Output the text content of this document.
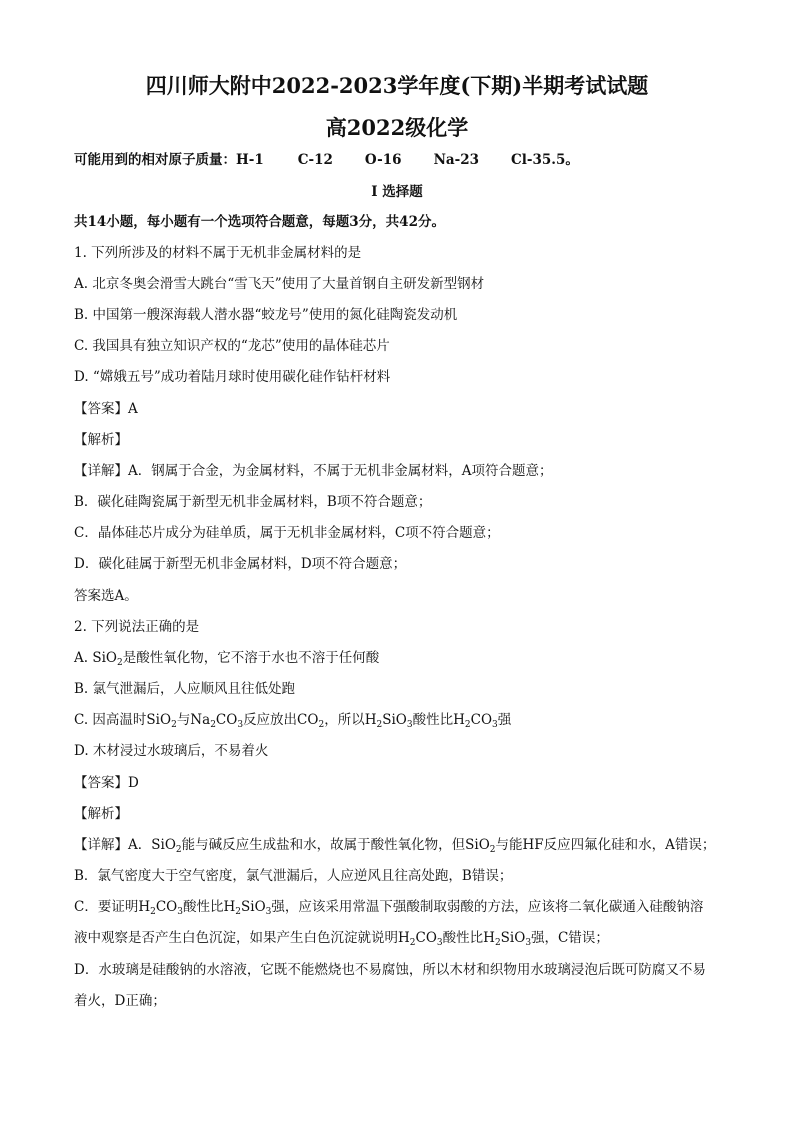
四川师大附中2022-2023学年度(下期)半期考试试题
高2022级化学
可能用到的相对原子质量：H-1	C-12 O-16 Na-23 Cl-35.5。
I 选择题
共14小题，每小题有一个选项符合题意，每题3分，共42分。
1. 下列所涉及的材料不属于无机非金属材料的是
A. 北京冬奥会滑雪大跳台“雪飞天”使用了大量首钢自主研发新型钢材
B. 中国第一艘深海载人潜水器“蛟龙号”使用的氮化硅陶瓷发动机
C. 我国具有独立知识产权的“龙芯”使用的晶体硅芯片
D. “嫦娥五号”成功着陆月球时使用碳化硅作钻杆材料
【答案】A
【解析】
【详解】A．钢属于合金，为金属材料，不属于无机非金属材料，A项符合题意；
B．碳化硅陶瓷属于新型无机非金属材料，B项不符合题意；
C．晶体硅芯片成分为硅单质，属于无机非金属材料，C项不符合题意；
D．碳化硅属于新型无机非金属材料，D项不符合题意；
答案选A。
2. 下列说法正确的是
A. SiO$_2$是酸性氧化物，它不溶于水也不溶于任何酸
B. 氯气泄漏后，人应顺风且往低处跑
C. 因高温时SiO$_2$与$Na_2CO_3$反应放出$CO_2$，所以$H_2SiO_3$酸性比$H_2CO_3$强
D. 木材浸过水玻璃后，不易着火
【答案】D
【解析】
【详解】A．SiO$_2$能与碱反应生成盐和水，故属于酸性氧化物，但SiO$_2$与能HF反应四氟化硅和水，A错误；
B．氯气密度大于空气密度，氯气泄漏后，人应逆风且往高处跑，B错误；
C．要证明$H_2CO_3$酸性比$H_2SiO_3$强，应该采用常温下强酸制取弱酸的方法，应该将二氧化碳通入硅酸钠溶
液中观察是否产生白色沉淀，如果产生白色沉淀就说明$H_2CO_3$酸性比$H_2SiO_3$强，C错误；
D．水玻璃是硅酸钠的水溶液，它既不能燃烧也不易腐蚀，所以木材和织物用水玻璃浸泡后既可防腐又不易
着火，D正确；
